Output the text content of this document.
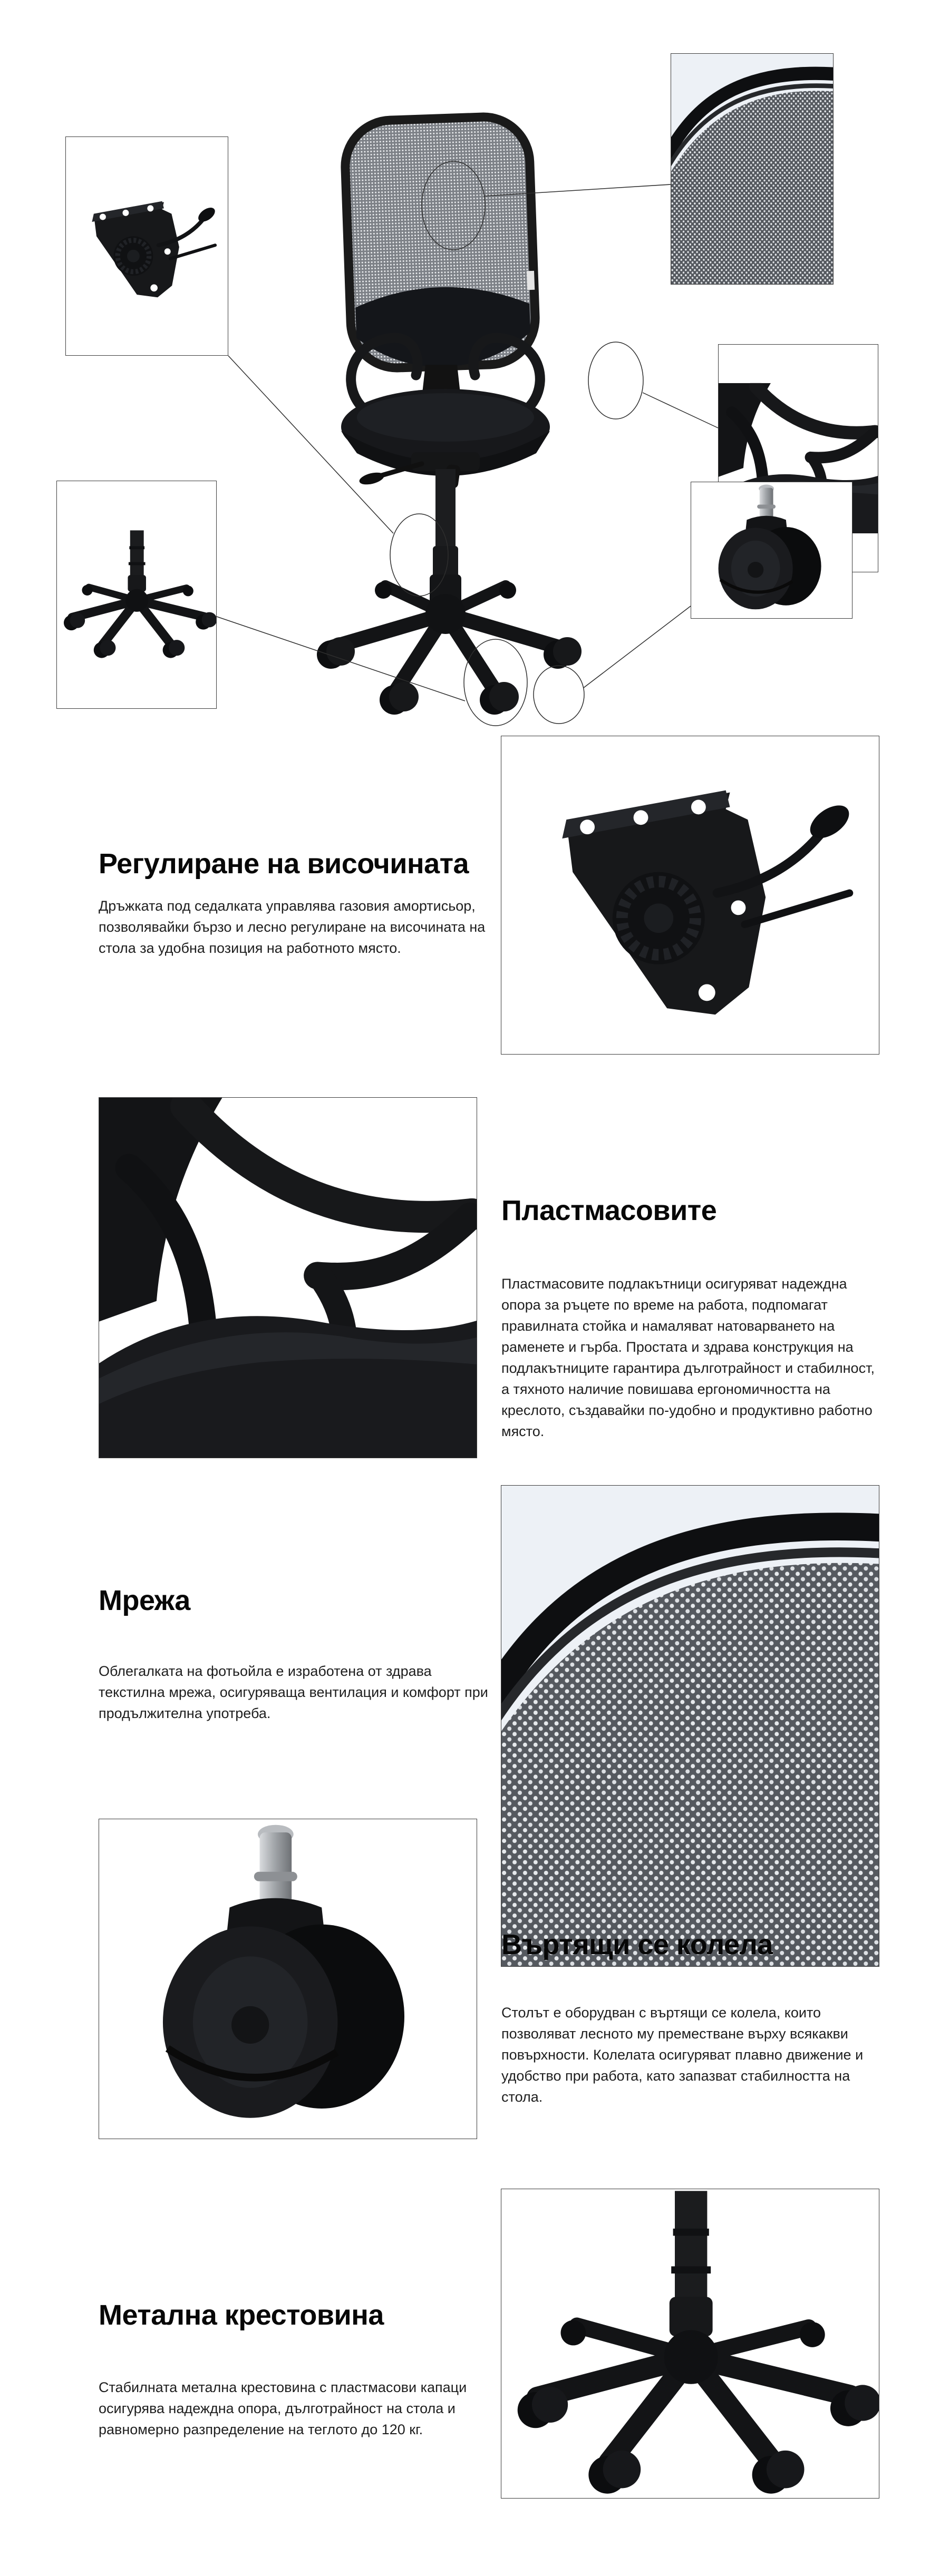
Регулиране на височината
Дръжката под седалката управлява газовия амортисьор, позволявайки бързо и лесно регулиране на височината на стола за удобна позиция на работното място.
Пластмасовите
Пластмасовите подлакътници осигуряват надеждна опора за ръцете по време на работа, подпомагат правилната стойка и намаляват натоварването на раменете и гърба. Простата и здрава конструкция на подлакътниците гарантира дълготрайност и стабилност, а тяхното наличие повишава ергономичността на креслото, създавайки по-удобно и продуктивно работно място.
Мрежа
Облегалката на фотьойла е изработена от здрава текстилна мрежа, осигуряваща вентилация и комфорт при продължителна употреба.
Въртящи се колела
Столът е оборудван с въртящи се колела, които позволяват лесното му преместване върху всякакви повърхности. Колелата осигуряват плавно движение и удобство при работа, като запазват стабилността на стола.
Метална крестовина
Стабилната метална крестовина с пластмасови капаци осигурява надеждна опора, дълготрайност на стола и равномерно разпределение на теглото до 120 кг.
